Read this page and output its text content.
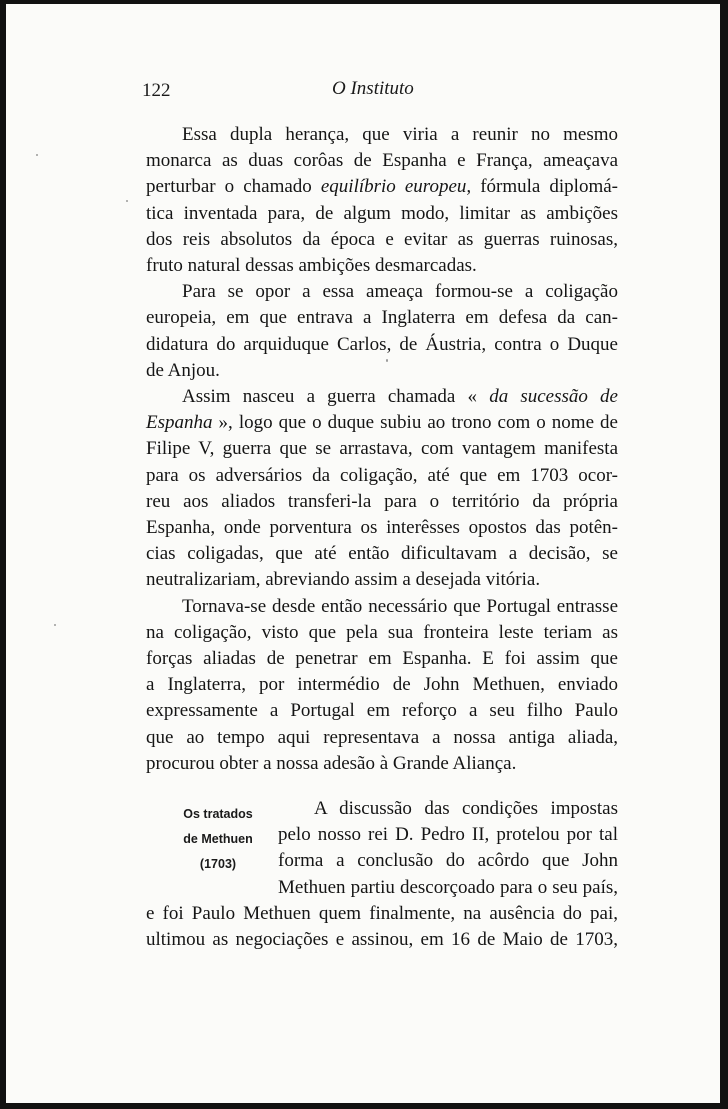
122	O Instituto
Essa dupla herança, que viria a reunir no mesmo
monarca as duas corôas de Espanha e França, ameaçava
perturbar o chamado equilíbrio europeu, fórmula diplomá-
tica inventada para, de algum modo, limitar as ambições
dos reis absolutos da época e evitar as guerras ruinosas,
fruto natural dessas ambições desmarcadas.
Para se opor a essa ameaça formou-se a coligação
europeia, em que entrava a Inglaterra em defesa da can-
didatura do arquiduque Carlos, de Áustria, contra o Duque
de Anjou.
Assim nasceu a guerra chamada « da sucessão de
Espanha », logo que o duque subiu ao trono com o nome de
Filipe V, guerra que se arrastava, com vantagem manifesta
para os adversários da coligação, até que em 1703 ocor-
reu aos aliados transferi-la para o território da própria
Espanha, onde porventura os interêsses opostos das potên-
cias coligadas, que até então dificultavam a decisão, se
neutralizariam, abreviando assim a desejada vitória.
Tornava-se desde então necessário que Portugal entrasse
na coligação, visto que pela sua fronteira leste teriam as
forças aliadas de penetrar em Espanha. E foi assim que
a Inglaterra, por intermédio de John Methuen, enviado
expressamente a Portugal em reforço a seu filho Paulo
que ao tempo aqui representava a nossa antiga aliada,
procurou obter a nossa adesão à Grande Aliança.
Os tratados
de Methuen
(1703)
A discussão das condições impostas
pelo nosso rei D. Pedro II, protelou por tal
forma a conclusão do acôrdo que John
Methuen partiu descorçoado para o seu país,
e foi Paulo Methuen quem finalmente, na ausência do pai,
ultimou as negociações e assinou, em 16 de Maio de 1703,
